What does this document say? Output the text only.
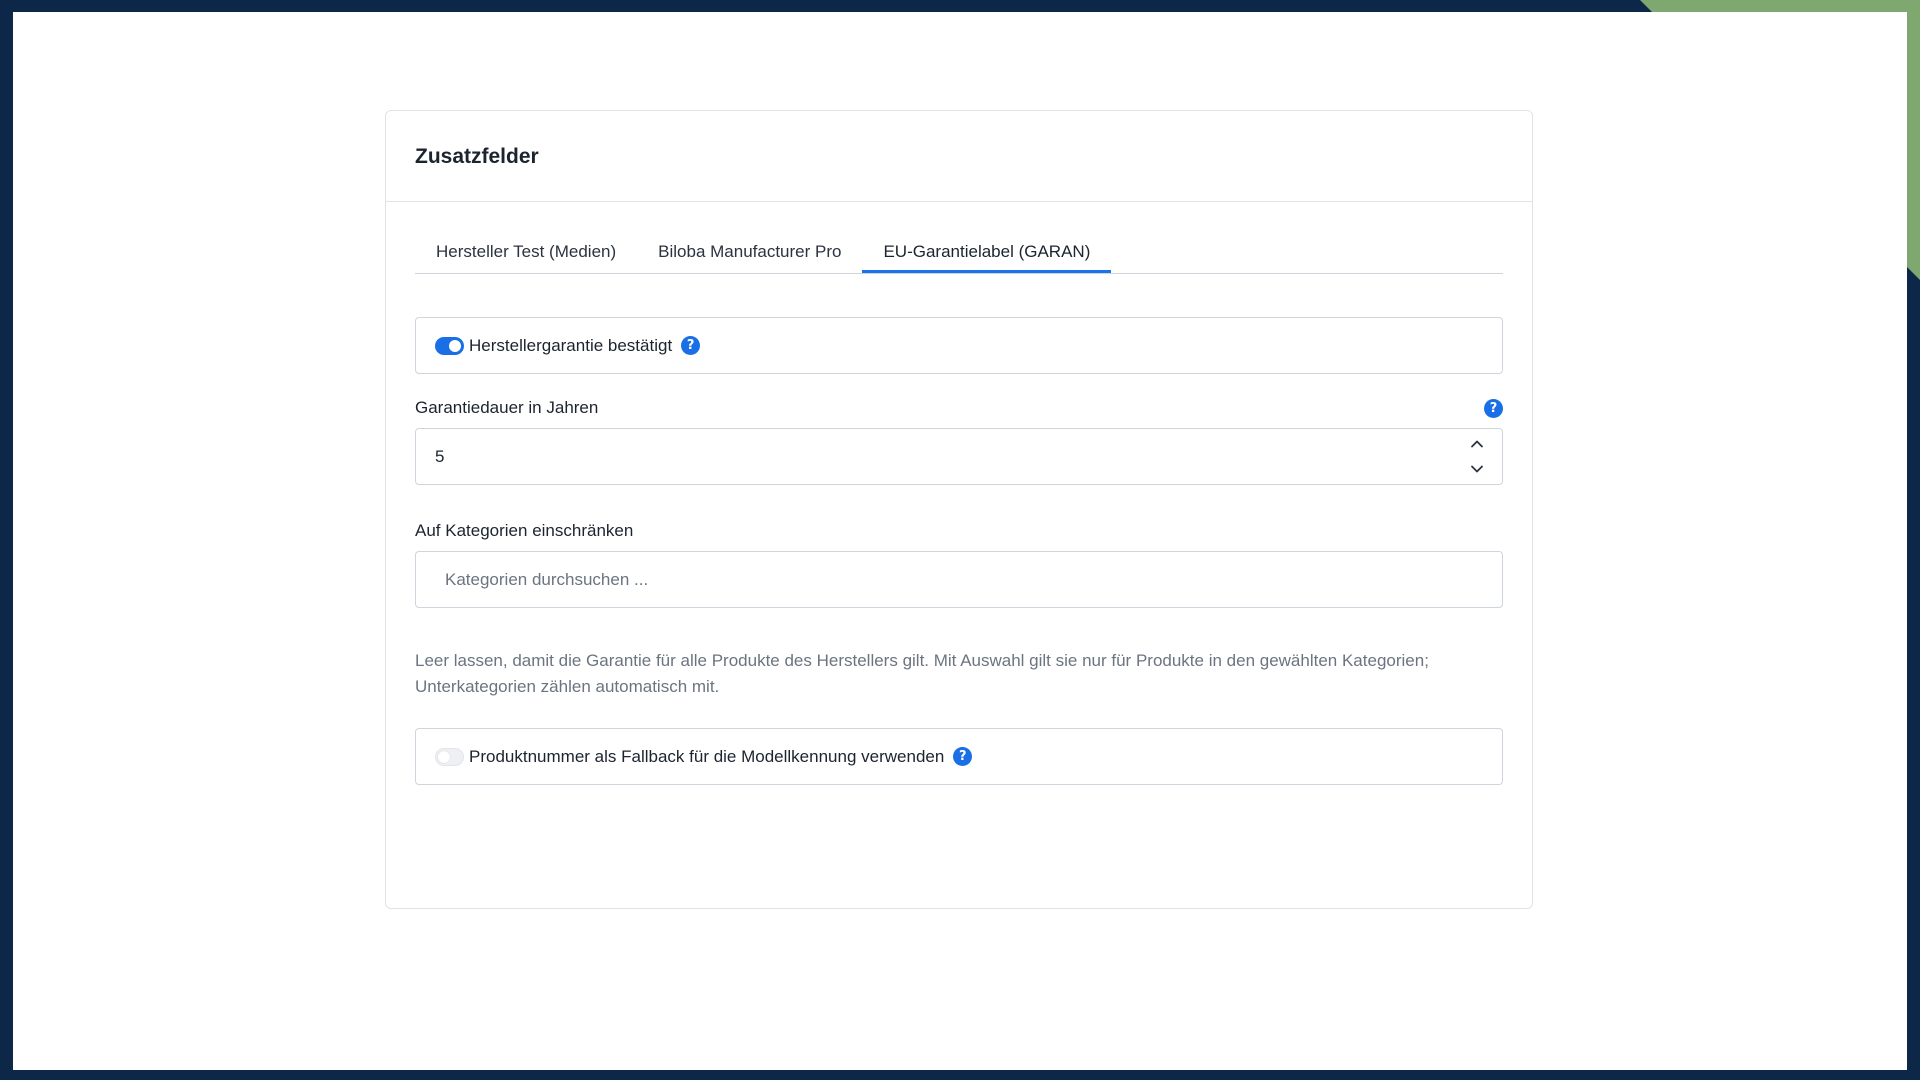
Zusatzfelder
Hersteller Test (Medien)	Biloba Manufacturer Pro	EU-Garantielabel (GARAN)
Herstellergarantie bestätigt	?
Garantiedauer in Jahren	?
5
Auf Kategorien einschränken
Kategorien durchsuchen ...

Leer lassen, damit die Garantie für alle Produkte des Herstellers gilt. Mit Auswahl gilt sie nur für Produkte in den gewählten Kategorien; Unterkategorien zählen automatisch mit.

Produktnummer als Fallback für die Modellkennung verwenden	?
